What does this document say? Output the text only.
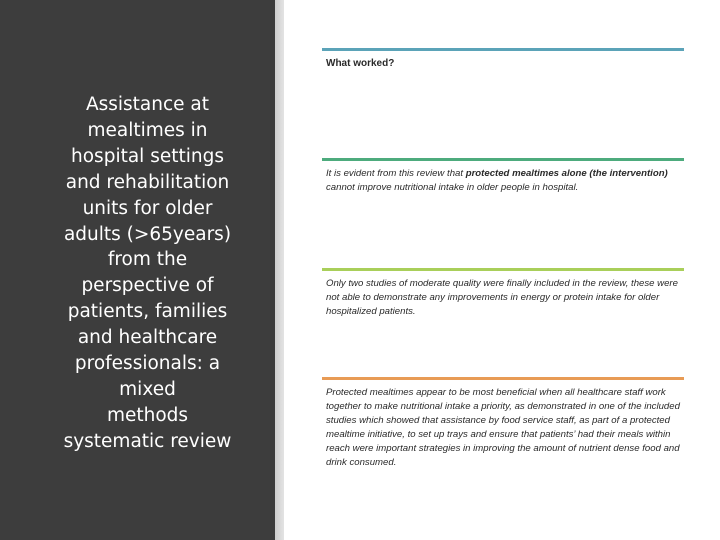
Assistance at
mealtimes in
hospital settings
and rehabilitation
units for older
adults (>65years)
from the
perspective of
patients, families
and healthcare
professionals: a
mixed
methods
systematic review
What worked?

It is evident from this review that protected mealtimes alone (the intervention) cannot improve nutritional intake in older people in hospital.

Only two studies of moderate quality were finally included in the review, these were not able to demonstrate any improvements in energy or protein intake for older hospitalized patients.

Protected mealtimes appear to be most beneficial when all healthcare staff work together to make nutritional intake a priority, as demonstrated in one of the included studies which showed that assistance by food service staff, as part of a protected mealtime initiative, to set up trays and ensure that patients’ had their meals within reach were important strategies in improving the amount of nutrient dense food and drink consumed.
